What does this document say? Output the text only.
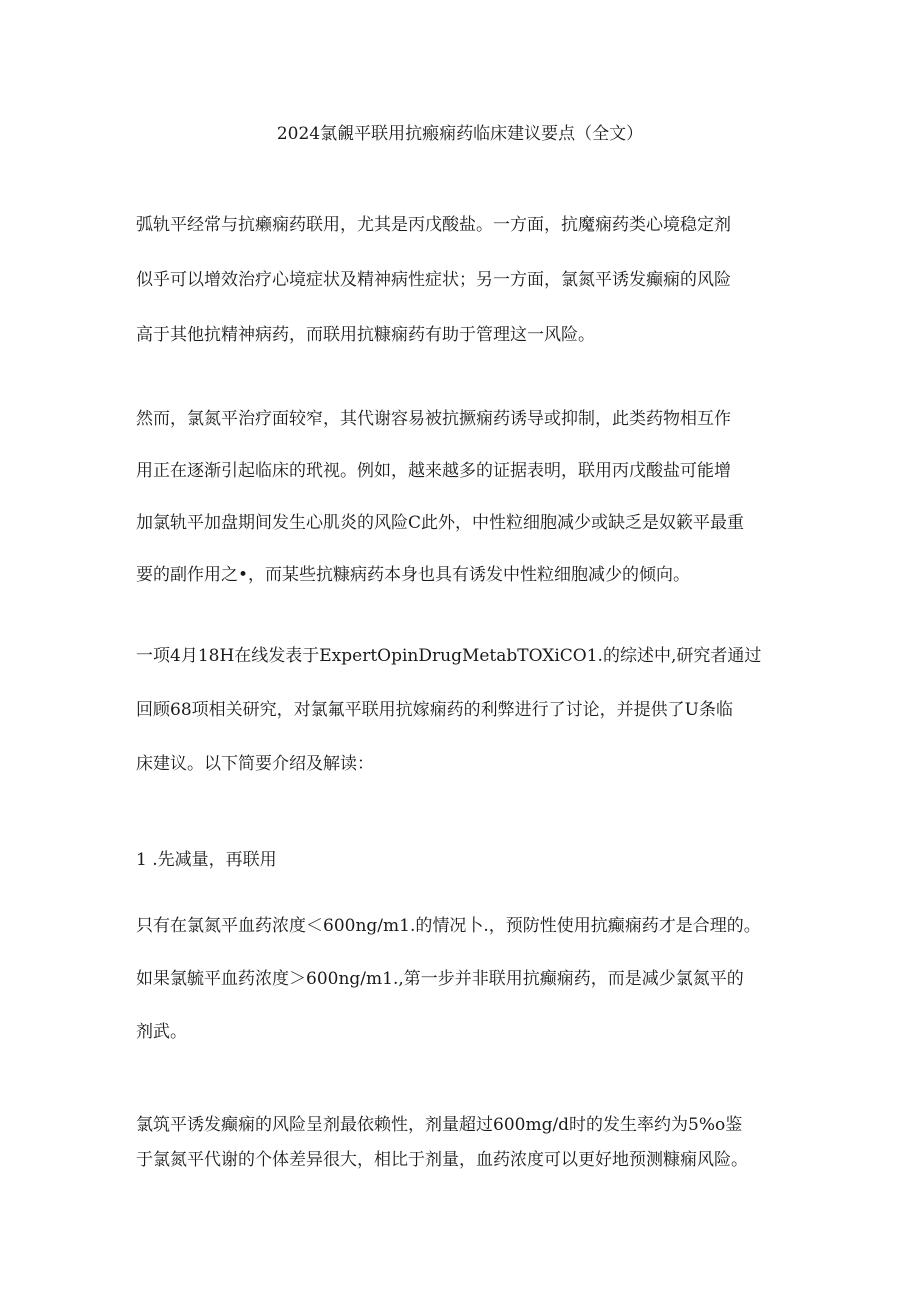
2024氯覦平联用抗瘢痫药临床建议要点（全文）
弧轨平经常与抗癞痫药联用，尤其是丙戊酸盐。一方面，抗魔痫药类心境稳定剂
似乎可以增效治疗心境症状及精神病性症状；另一方面，氯氮平诱发癫痫的风险
高于其他抗精神病药，而联用抗糠痫药有助于管理这一风险。
然而，氯氮平治疗面较窄，其代谢容易被抗撅痫药诱导或抑制，此类药物相互作
用正在逐渐引起临床的玳视。例如，越来越多的证据表明，联用丙戊酸盐可能增
加氯轨平加盘期间发生心肌炎的风险C此外，中性粒细胞减少或缺乏是奴簌平最重
要的副作用之•，而某些抗糠病药本身也具有诱发中性粒细胞减少的倾向。
一项4月18H在线发表于ExpertOpinDrugMetabTOXiCO1.的综述中,研究者通过
回顾68项相关研究，对氯氟平联用抗嫁痫药的利弊进行了讨论，并提供了U条临
床建议。以下简要介绍及解读：
1 .先减量，再联用
只有在氯氮平血药浓度＜600ng/m1.的情况卜.，预防性使用抗癫痫药才是合理的。
如果氯毓平血药浓度＞600ng/m1.,第一步并非联用抗癫痫药，而是减少氯氮平的
剂武。
氯筑平诱发癫痫的风险呈剂最依赖性，剂量超过600mg/d时的发生率约为5%o鉴
于氯氮平代谢的个体差异很大，相比于剂量，血药浓度可以更好地预测糠痫风险。
